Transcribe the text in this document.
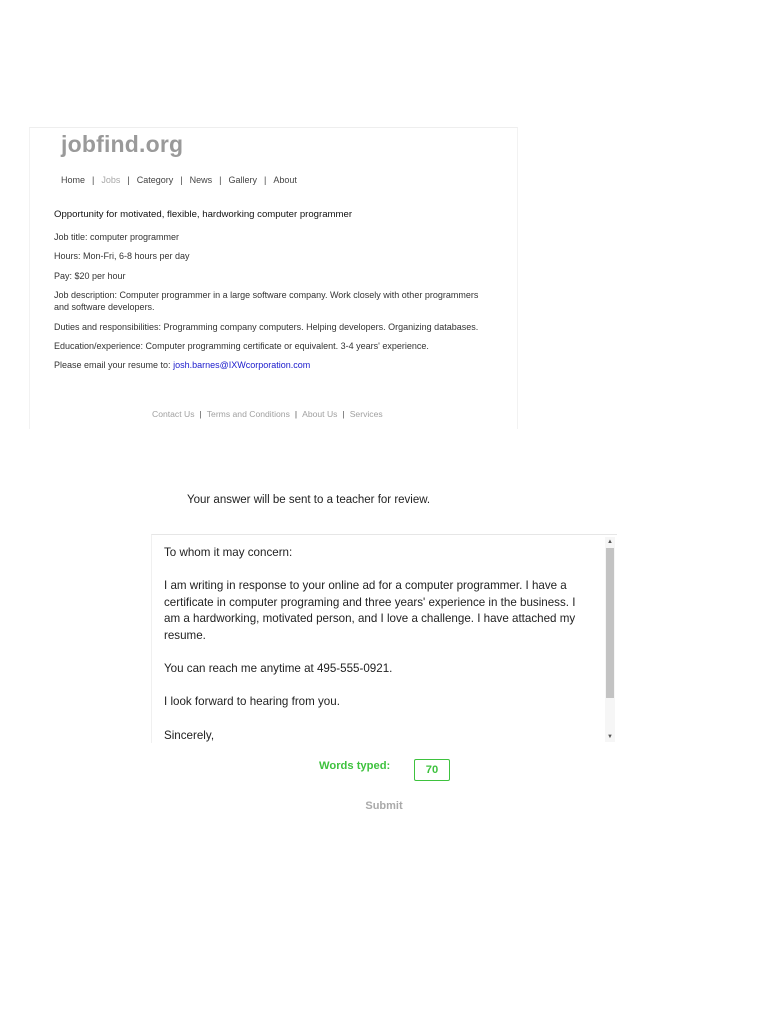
jobfind.org
Home | Jobs | Category | News | Gallery | About
Opportunity for motivated, flexible, hardworking computer programmer

Job title: computer programmer

Hours: Mon-Fri, 6-8 hours per day

Pay: $20 per hour

Job description: Computer programmer in a large software company. Work closely with other programmers and software developers.

Duties and responsibilities: Programming company computers. Helping developers. Organizing databases.

Education/experience: Computer programming certificate or equivalent. 3-4 years' experience.

Please email your resume to: josh.barnes@IXWcorporation.com

Contact Us | Terms and Conditions | About Us | Services

Your answer will be sent to a teacher for review.

To whom it may concern:

I am writing in response to your online ad for a computer programmer. I have a certificate in computer programing and three years' experience in the business. I am a hardworking, motivated person, and I love a challenge. I have attached my resume.

You can reach me anytime at 495-555-0921.

I look forward to hearing from you.

Sincerely,
▲
▼
Words typed:	70
Submit
